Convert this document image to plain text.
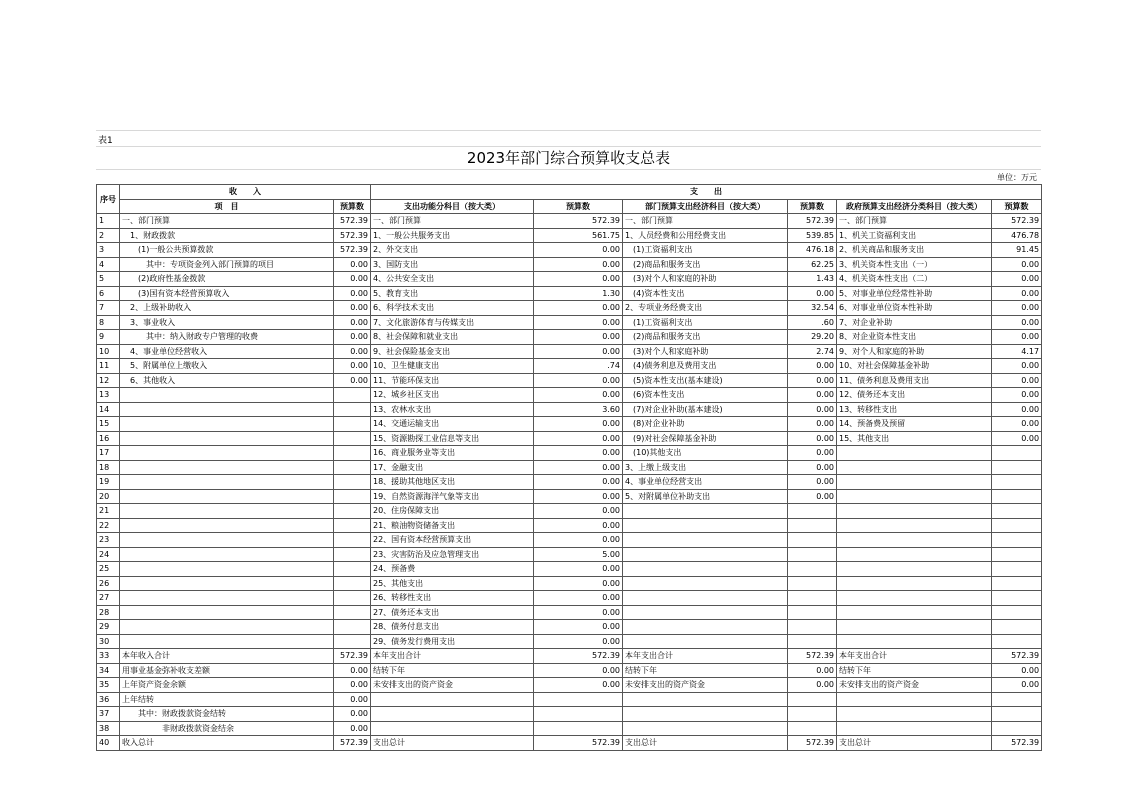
表1
2023年部门综合预算收支总表
单位：万元
序号	收　　入		支　　出					
	项　目	预算数	支出功能分科目（按大类）	预算数	部门预算支出经济科目（按大类）	预算数	政府预算支出经济分类科目（按大类）	预算数
1	一、部门预算	572.39	一、部门预算	572.39	一、部门预算	572.39	一、部门预算	572.39
2	　1、财政拨款	572.39	1、一般公共服务支出	561.75	1、人员经费和公用经费支出	539.85	1、机关工资福利支出	476.78
3	　　(1)一般公共预算拨款	572.39	2、外交支出	0.00	　(1)工资福利支出	476.18	2、机关商品和服务支出	91.45
4	　　　其中：专项资金列入部门预算的项目	0.00	3、国防支出	0.00	　(2)商品和服务支出	62.25	3、机关资本性支出（一）	0.00
5	　　(2)政府性基金拨款	0.00	4、公共安全支出	0.00	　(3)对个人和家庭的补助	1.43	4、机关资本性支出（二）	0.00
6	　　(3)国有资本经营预算收入	0.00	5、教育支出	1.30	　(4)资本性支出	0.00	5、对事业单位经常性补助	0.00
7	　2、上级补助收入	0.00	6、科学技术支出	0.00	2、专项业务经费支出	32.54	6、对事业单位资本性补助	0.00
8	　3、事业收入	0.00	7、文化旅游体育与传媒支出	0.00	　(1)工资福利支出	.60	7、对企业补助	0.00
9	　　　其中：纳入财政专户管理的收费	0.00	8、社会保障和就业支出	0.00	　(2)商品和服务支出	29.20	8、对企业资本性支出	0.00
10	　4、事业单位经营收入	0.00	9、社会保险基金支出	0.00	　(3)对个人和家庭补助	2.74	9、对个人和家庭的补助	4.17
11	　5、附属单位上缴收入	0.00	10、卫生健康支出	.74	　(4)债务利息及费用支出	0.00	10、对社会保障基金补助	0.00
12	　6、其他收入	0.00	11、节能环保支出	0.00	　(5)资本性支出(基本建设)	0.00	11、债务利息及费用支出	0.00
13			12、城乡社区支出	0.00	　(6)资本性支出	0.00	12、债务还本支出	0.00
14			13、农林水支出	3.60	　(7)对企业补助(基本建设)	0.00	13、转移性支出	0.00
15			14、交通运输支出	0.00	　(8)对企业补助	0.00	14、预备费及预留	0.00
16			15、资源勘探工业信息等支出	0.00	　(9)对社会保障基金补助	0.00	15、其他支出	0.00
17			16、商业服务业等支出	0.00	　(10)其他支出	0.00		
18			17、金融支出	0.00	3、上缴上级支出	0.00		
19			18、援助其他地区支出	0.00	4、事业单位经营支出	0.00		
20			19、自然资源海洋气象等支出	0.00	5、对附属单位补助支出	0.00		
21			20、住房保障支出	0.00				
22			21、粮油物资储备支出	0.00				
23			22、国有资本经营预算支出	0.00				
24			23、灾害防治及应急管理支出	5.00				
25			24、预备费	0.00				
26			25、其他支出	0.00				
27			26、转移性支出	0.00				
28			27、债务还本支出	0.00				
29			28、债务付息支出	0.00				
30			29、债务发行费用支出	0.00				
33	本年收入合计	572.39	本年支出合计	572.39	本年支出合计	572.39	本年支出合计	572.39
34	用事业基金弥补收支差额	0.00	结转下年	0.00	结转下年	0.00	结转下年	0.00
35	上年资产资金余额	0.00	未安排支出的资产资金	0.00	未安排支出的资产资金	0.00	未安排支出的资产资金	0.00
36	上年结转	0.00						
37	　　其中：财政拨款资金结转	0.00						
38	　　　　　非财政拨款资金结余	0.00						
40	收入总计	572.39	支出总计	572.39	支出总计	572.39	支出总计	572.39
